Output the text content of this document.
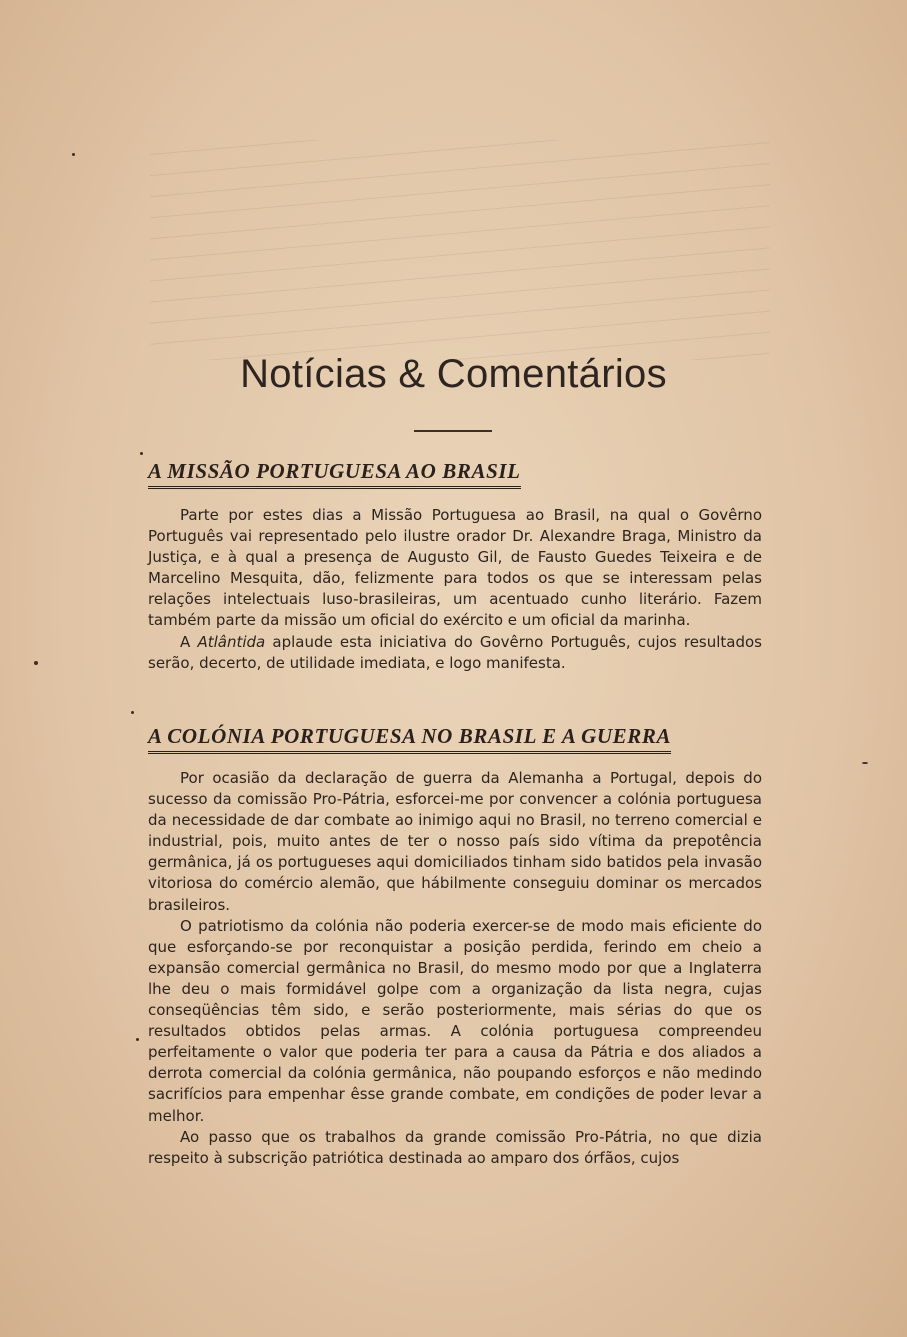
Notícias & Comentários
A MISSÃO PORTUGUESA AO BRASIL

Parte por estes dias a Missão Portuguesa ao Brasil, na qual o Govêrno Português vai representado pelo ilustre orador Dr. Alexandre Braga, Ministro da Justiça, e à qual a presença de Augusto Gil, de Fausto Guedes Teixeira e de Marcelino Mesquita, dão, felizmente para todos os que se interessam pelas relações intelectuais luso-brasileiras, um acentuado cunho literário. Fazem também parte da missão um oficial do exército e um oficial da marinha.

A Atlântida aplaude esta iniciativa do Govêrno Português, cujos resultados serão, decerto, de utilidade imediata, e logo manifesta.

A COLÓNIA PORTUGUESA NO BRASIL E A GUERRA

Por ocasião da declaração de guerra da Alemanha a Portugal, depois do sucesso da comissão Pro-Pátria, esforcei-me por convencer a colónia portuguesa da necessidade de dar combate ao inimigo aqui no Brasil, no terreno comercial e industrial, pois, muito antes de ter o nosso país sido vítima da prepotência germânica, já os portugueses aqui domiciliados tinham sido batidos pela invasão vitoriosa do comércio alemão, que hábilmente conseguiu dominar os mercados brasileiros.

O patriotismo da colónia não poderia exercer-se de modo mais eficiente do que esforçando-se por reconquistar a posição perdida, ferindo em cheio a expansão comercial germânica no Brasil, do mesmo modo por que a Inglaterra lhe deu o mais formidável golpe com a organização da lista negra, cujas conseqüências têm sido, e serão posteriormente, mais sérias do que os resultados obtidos pelas armas. A colónia portuguesa compreendeu perfeitamente o valor que poderia ter para a causa da Pátria e dos aliados a derrota comercial da colónia germânica, não poupando esforços e não medindo sacrifícios para empenhar êsse grande combate, em condições de poder levar a melhor.

Ao passo que os trabalhos da grande comissão Pro-Pátria, no que dizia respeito à subscrição patriótica destinada ao amparo dos órfãos, cujos
